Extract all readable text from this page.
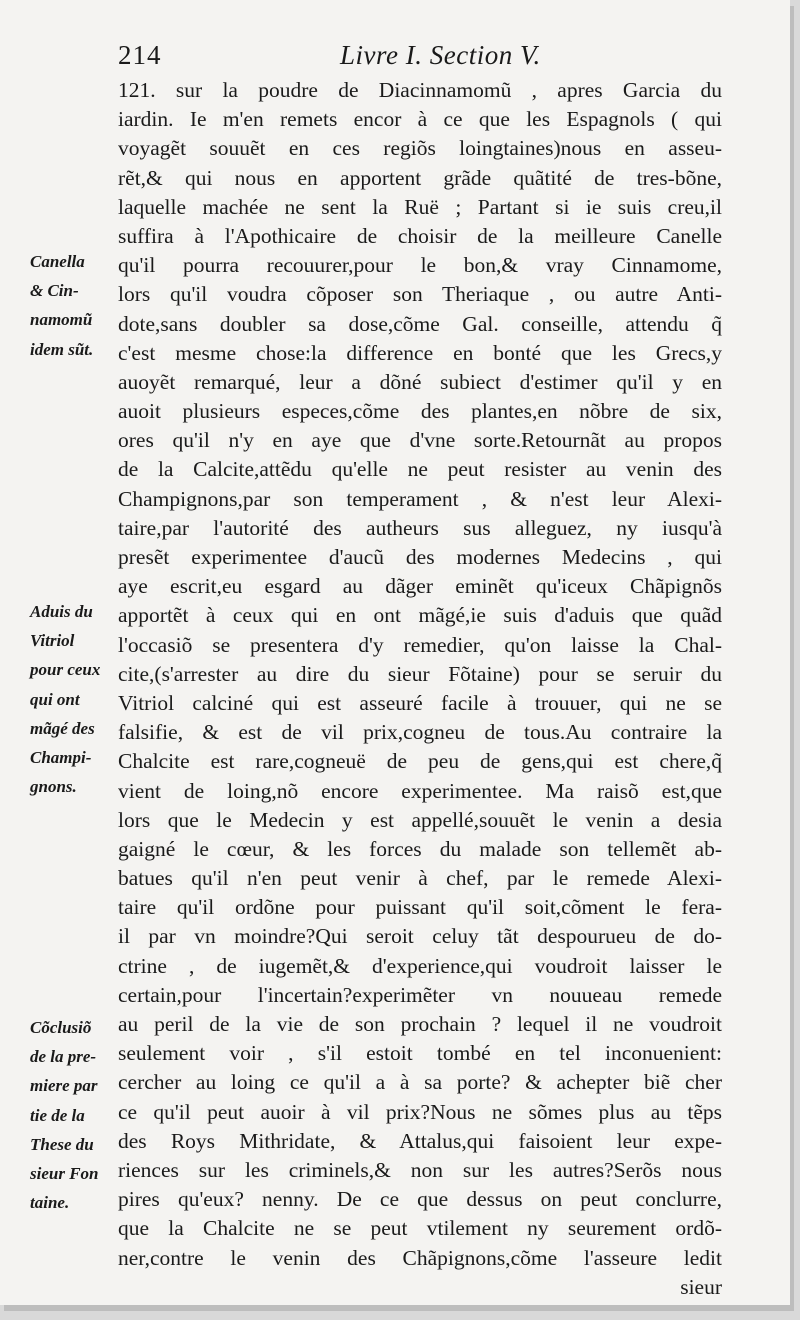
214	Livre I. Section V.
121. sur la poudre de Diacinnamomũ , apres Garcia du
iardin. Ie m'en remets encor à ce que les Espagnols ( qui
voyagẽt souuẽt en ces regiõs loingtaines)nous en asseu-
rẽt,& qui nous en apportent grãde quãtité de tres-bõne,
laquelle machée ne sent la Ruë ; Partant si ie suis creu,il
suffira à l'Apothicaire de choisir de la meilleure Canelle
qu'il pourra recouurer,pour le bon,& vray Cinnamome,
lors qu'il voudra cõposer son Theriaque , ou autre Anti-
dote,sans doubler sa dose,cõme Gal. conseille, attendu q̃
c'est mesme chose:la difference en bonté que les Grecs,y
auoyẽt remarqué, leur a dõné subiect d'estimer qu'il y en
auoit plusieurs especes,cõme des plantes,en nõbre de six,
ores qu'il n'y en aye que d'vne sorte.Retournãt au propos
de la Calcite,attẽdu qu'elle ne peut resister au venin des
Champignons,par son temperament , & n'est leur Alexi-
taire,par l'autorité des autheurs sus alleguez, ny iusqu'à
presẽt experimentee d'aucũ des modernes Medecins , qui
aye escrit,eu esgard au dãger eminẽt qu'iceux Chãpignõs
apportẽt à ceux qui en ont mãgé,ie suis d'aduis que quãd
l'occasiõ se presentera d'y remedier, qu'on laisse la Chal-
cite,(s'arrester au dire du sieur Fõtaine) pour se seruir du
Vitriol calciné qui est asseuré facile à trouuer, qui ne se
falsifie, & est de vil prix,cogneu de tous.Au contraire la
Chalcite est rare,cogneuë de peu de gens,qui est chere,q̃
vient de loing,nõ encore experimentee. Ma raisõ est,que
lors que le Medecin y est appellé,souuẽt le venin a desia
gaigné le cœur, & les forces du malade son tellemẽt ab-
batues qu'il n'en peut venir à chef, par le remede Alexi-
taire qu'il ordõne pour puissant qu'il soit,cõment le fera-
il par vn moindre?Qui seroit celuy tãt despourueu de do-
ctrine , de iugemẽt,& d'experience,qui voudroit laisser le
certain,pour l'incertain?experimẽter vn nouueau remede
au peril de la vie de son prochain ? lequel il ne voudroit
seulement voir , s'il estoit tombé en tel inconuenient:
cercher au loing ce qu'il a à sa porte? & achepter biẽ cher
ce qu'il peut auoir à vil prix?Nous ne sõmes plus au tẽps
des Roys Mithridate, & Attalus,qui faisoient leur expe-
riences sur les criminels,& non sur les autres?Serõs nous
pires qu'eux? nenny. De ce que dessus on peut conclurre,
que la Chalcite ne se peut vtilement ny seurement ordõ-
ner,contre le venin des Chãpignons,cõme l'asseure ledit
sieur
Canella
& Cin-
namomũ
idem sũt.
Aduis du
Vitriol
pour ceux
qui ont
mãgé des
Champi-
gnons.
Cõclusiõ
de la pre-
miere par
tie de la
These du
sieur Fon
taine.
